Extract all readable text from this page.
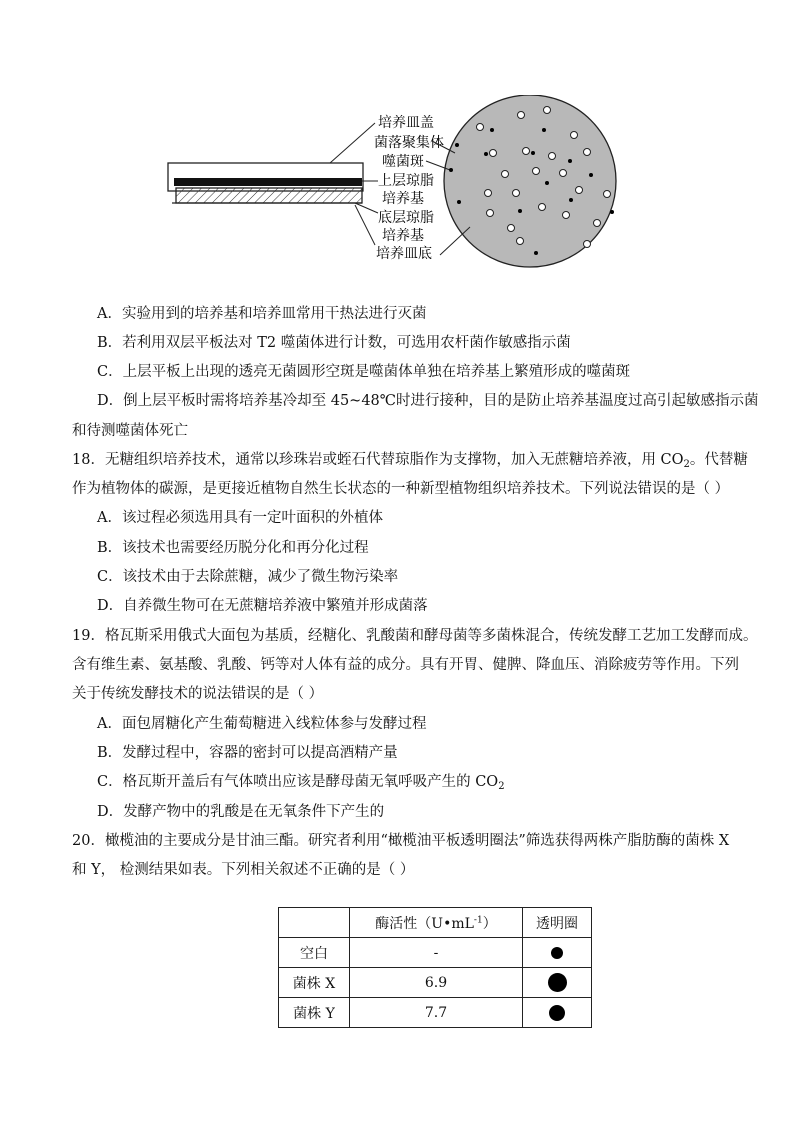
培养皿盖
菌落聚集体
噬菌斑
上层琼脂
培养基
底层琼脂
培养基
培养皿底
A．实验用到的培养基和培养皿常用干热法进行灭菌
B．若利用双层平板法对 T2 噬菌体进行计数，可选用农杆菌作敏感指示菌
C．上层平板上出现的透亮无菌圆形空斑是噬菌体单独在培养基上繁殖形成的噬菌斑
D．倒上层平板时需将培养基冷却至 45~48℃时进行接种，目的是防止培养基温度过高引起敏感指示菌
和待测噬菌体死亡
18．无糖组织培养技术，通常以珍珠岩或蛭石代替琼脂作为支撑物，加入无蔗糖培养液，用 $CO_2$。代替糖
作为植物体的碳源，是更接近植物自然生长状态的一种新型植物组织培养技术。下列说法错误的是（ ）
A．该过程必须选用具有一定叶面积的外植体
B．该技术也需要经历脱分化和再分化过程
C．该技术由于去除蔗糖，减少了微生物污染率
D．自养微生物可在无蔗糖培养液中繁殖并形成菌落
19．格瓦斯采用俄式大面包为基质，经糖化、乳酸菌和酵母菌等多菌株混合，传统发酵工艺加工发酵而成。
含有维生素、氨基酸、乳酸、钙等对人体有益的成分。具有开胃、健脾、降血压、消除疲劳等作用。下列
关于传统发酵技术的说法错误的是（ ）
A．面包屑糖化产生葡萄糖进入线粒体参与发酵过程
B．发酵过程中，容器的密封可以提高酒精产量
C．格瓦斯开盖后有气体喷出应该是酵母菌无氧呼吸产生的 $CO_2$
D．发酵产物中的乳酸是在无氧条件下产生的
20．橄榄油的主要成分是甘油三酯。研究者利用“橄榄油平板透明圈法”筛选获得两株产脂肪酶的菌株 X
和 Y， 检测结果如表。下列相关叙述不正确的是（ ）
	酶活性$(U•mL^{-1})$	透明圈
空白	-	
菌株 X	6.9	
菌株 Y	7.7	
